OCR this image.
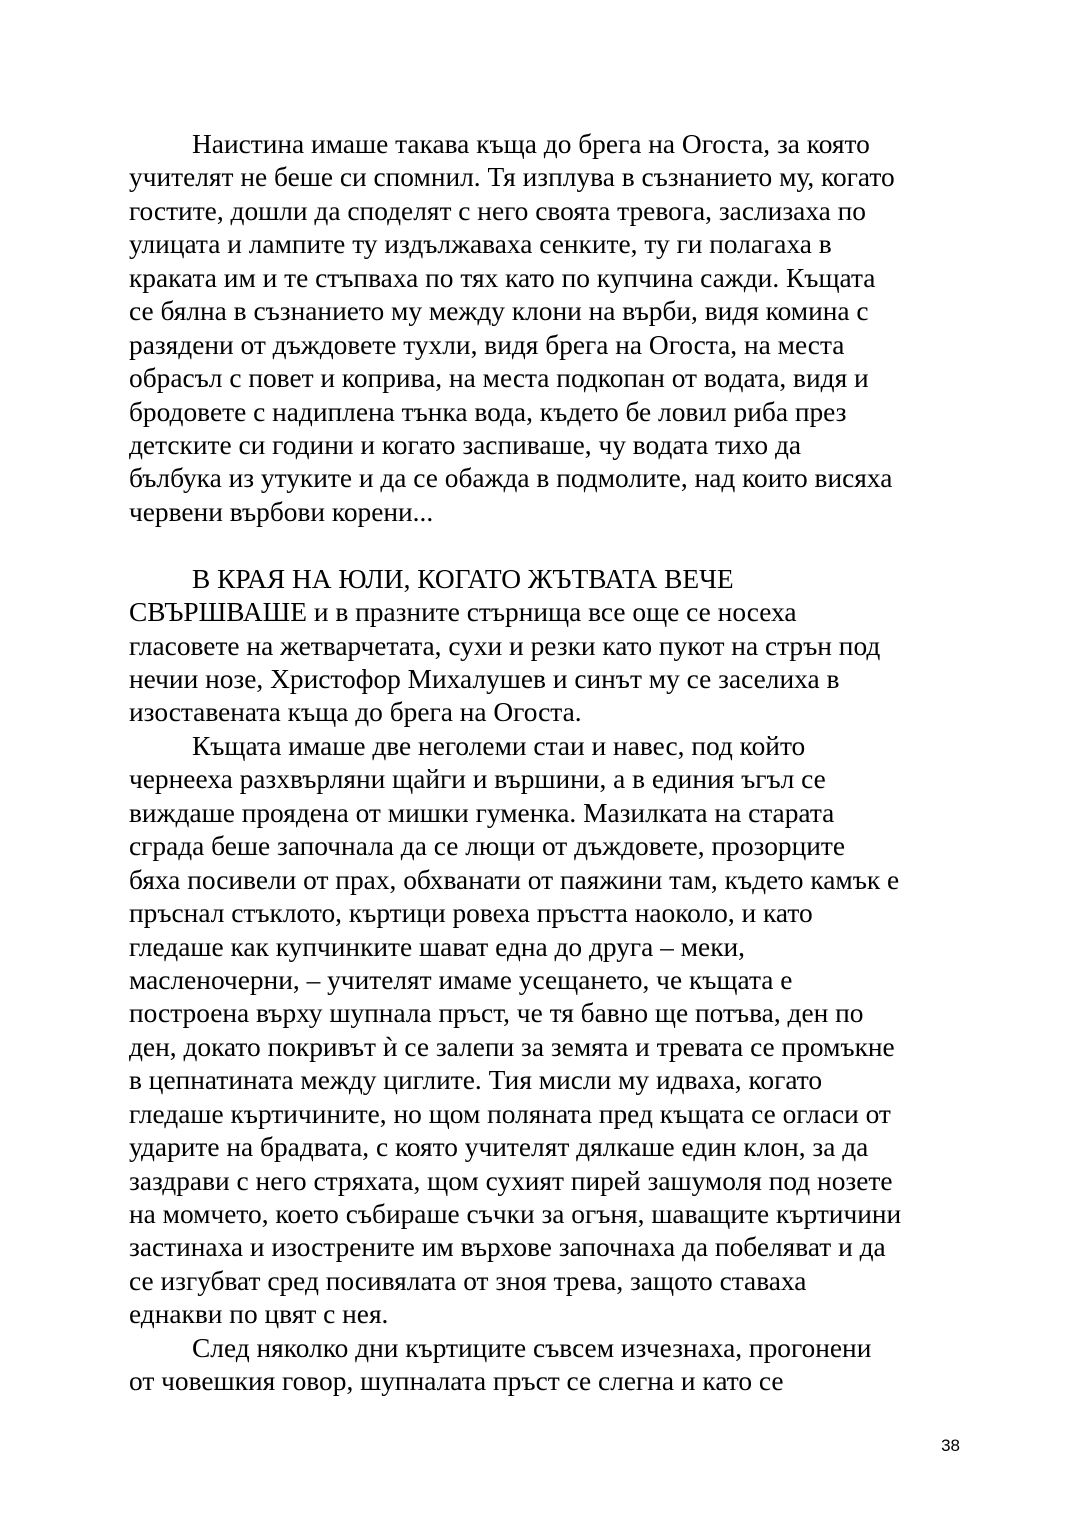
Наистина имаше такава къща до брега на Огоста, за която

учителят не беше си спомнил. Тя изплува в съзнанието му, когато

гостите, дошли да споделят с него своята тревога, заслизаха по

улицата и лампите ту издължаваха сенките, ту ги полагаха в

краката им и те стъпваха по тях като по купчина сажди. Къщата

се бялна в съзнанието му между клони на върби, видя комина с

разядени от дъждовете тухли, видя брега на Огоста, на места

обрасъл с повет и коприва, на места подкопан от водата, видя и

бродовете с надиплена тънка вода, където бе ловил риба през

детските си години и когато заспиваше, чу водата тихо да

бълбука из утуките и да се обажда в подмолите, над които висяха

червени върбови корени...

В КРАЯ НА ЮЛИ, КОГАТО ЖЪТВАТА ВЕЧЕ

СВЪРШВАШЕ и в празните стърнища все още се носеха

гласовете на жетварчетата, сухи и резки като пукот на стрън под

нечии нозе, Христофор Михалушев и синът му се заселиха в

изоставената къща до брега на Огоста.

Къщата имаше две неголеми стаи и навес, под който

чернееха разхвърляни щайги и вършини, а в единия ъгъл се

виждаше проядена от мишки гуменка. Мазилката на старата

сграда беше започнала да се лющи от дъждовете, прозорците

бяха посивели от прах, обхванати от паяжини там, където камък е

пръснал стъклото, къртици ровеха пръстта наоколо, и като

гледаше как купчинките шават една до друга – меки,

масленочерни, – учителят имаме усещането, че къщата е

построена върху шупнала пръст, че тя бавно ще потъва, ден по

ден, докато покривът ѝ се залепи за земята и тревата се промъкне

в цепнатината между циглите. Тия мисли му идваха, когато

гледаше къртичините, но щом поляната пред къщата се огласи от

ударите на брадвата, с която учителят дялкаше един клон, за да

заздрави с него стряхата, щом сухият пирей зашумоля под нозете

на момчето, което събираше съчки за огъня, шаващите къртичини

застинаха и изострените им върхове започнаха да побеляват и да

се изгубват сред посивялата от зноя трева, защото ставаха

еднакви по цвят с нея.

След няколко дни къртиците съвсем изчезнаха, прогонени

от човешкия говор, шупналата пръст се слегна и като се

38
